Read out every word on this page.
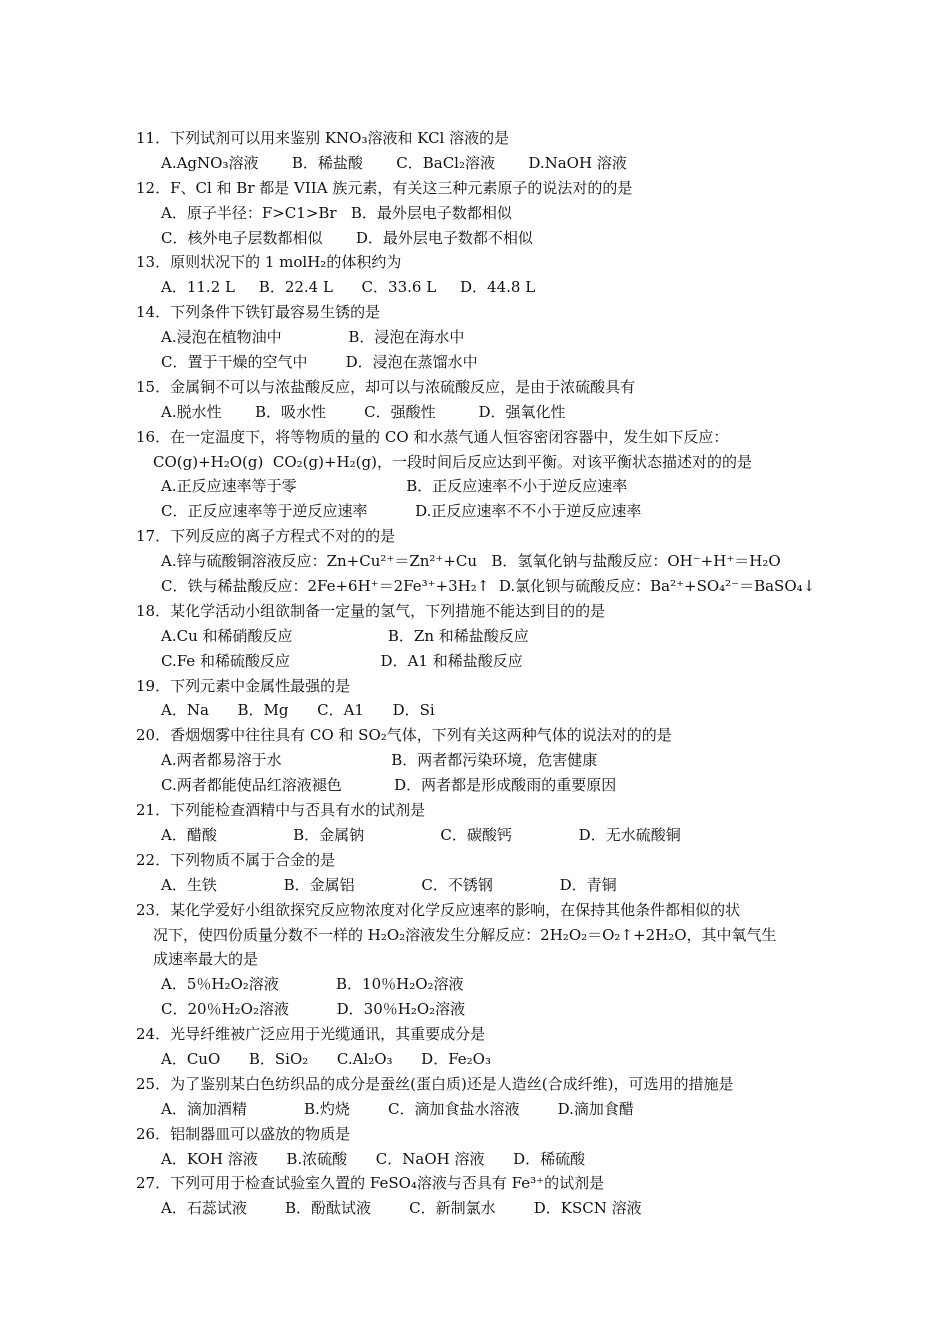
11．下列试剂可以用来鉴别 KNO₃溶液和 KCl 溶液的是
A.AgNO₃溶液       B．稀盐酸       C．BaCl₂溶液       D.NaOH 溶液
12．F、Cl 和 Br 都是 VIIA 族元素，有关这三种元素原子的说法对的的是
A．原子半径：F>C1>Br   B．最外层电子数都相似
C．核外电子层数都相似       D．最外层电子数都不相似
13．原则状况下的 1 molH₂的体积约为
A．11.2 L     B．22.4 L      C．33.6 L     D．44.8 L
14．下列条件下铁钉最容易生锈的是
A.浸泡在植物油中              B．浸泡在海水中
C．置于干燥的空气中        D．浸泡在蒸馏水中
15．金属铜不可以与浓盐酸反应，却可以与浓硫酸反应，是由于浓硫酸具有
A.脱水性       B．吸水性        C．强酸性         D．强氧化性
16．在一定温度下，将等物质的量的 CO 和水蒸气通人恒容密闭容器中，发生如下反应：
CO(g)+H₂O(g)  CO₂(g)+H₂(g)，一段时间后反应达到平衡。对该平衡状态描述对的的是
A.正反应速率等于零                       B．正反应速率不小于逆反应速率
C．正反应速率等于逆反应速率          D.正反应速率不不小于逆反应速率
17．下列反应的离子方程式不对的的是
A.锌与硫酸铜溶液反应：Zn+Cu²⁺＝Zn²⁺+Cu   B．氢氧化钠与盐酸反应：OH⁻+H⁺＝H₂O
C．铁与稀盐酸反应：2Fe+6H⁺＝2Fe³⁺+3H₂↑  D.氯化钡与硫酸反应：Ba²⁺+SO₄²⁻＝BaSO₄↓
18．某化学活动小组欲制备一定量的氢气，下列措施不能达到目的的是
A.Cu 和稀硝酸反应                    B．Zn 和稀盐酸反应
C.Fe 和稀硫酸反应                   D．A1 和稀盐酸反应
19．下列元素中金属性最强的是
A．Na      B．Mg      C．A1      D．Si
20．香烟烟雾中往往具有 CO 和 SO₂气体，下列有关这两种气体的说法对的的是
A.两者都易溶于水                       B．两者都污染环境，危害健康
C.两者都能使品红溶液褪色           D．两者都是形成酸雨的重要原因
21．下列能检查酒精中与否具有水的试剂是
A．醋酸                B．金属钠                C．碳酸钙              D．无水硫酸铜
22．下列物质不属于合金的是
A．生铁              B．金属铝              C．不锈钢              D．青铜
23．某化学爱好小组欲探究反应物浓度对化学反应速率的影响，在保持其他条件都相似的状
况下，使四份质量分数不一样的 H₂O₂溶液发生分解反应：2H₂O₂＝O₂↑+2H₂O，其中氧气生
成速率最大的是
A．5％H₂O₂溶液            B．10％H₂O₂溶液
C．20％H₂O₂溶液          D．30％H₂O₂溶液
24．光导纤维被广泛应用于光缆通讯，其重要成分是
A．CuO      B．SiO₂      C.Al₂O₃      D．Fe₂O₃
25．为了鉴别某白色纺织品的成分是蚕丝(蛋白质)还是人造丝(合成纤维)，可选用的措施是
A．滴加酒精            B.灼烧        C．滴加食盐水溶液        D.滴加食醋
26．铝制器皿可以盛放的物质是
A．KOH 溶液      B.浓硫酸      C．NaOH 溶液      D．稀硫酸
27．下列可用于检查试验室久置的 FeSO₄溶液与否具有 Fe³⁺的试剂是
A．石蕊试液        B．酚酞试液        C．新制氯水        D．KSCN 溶液
